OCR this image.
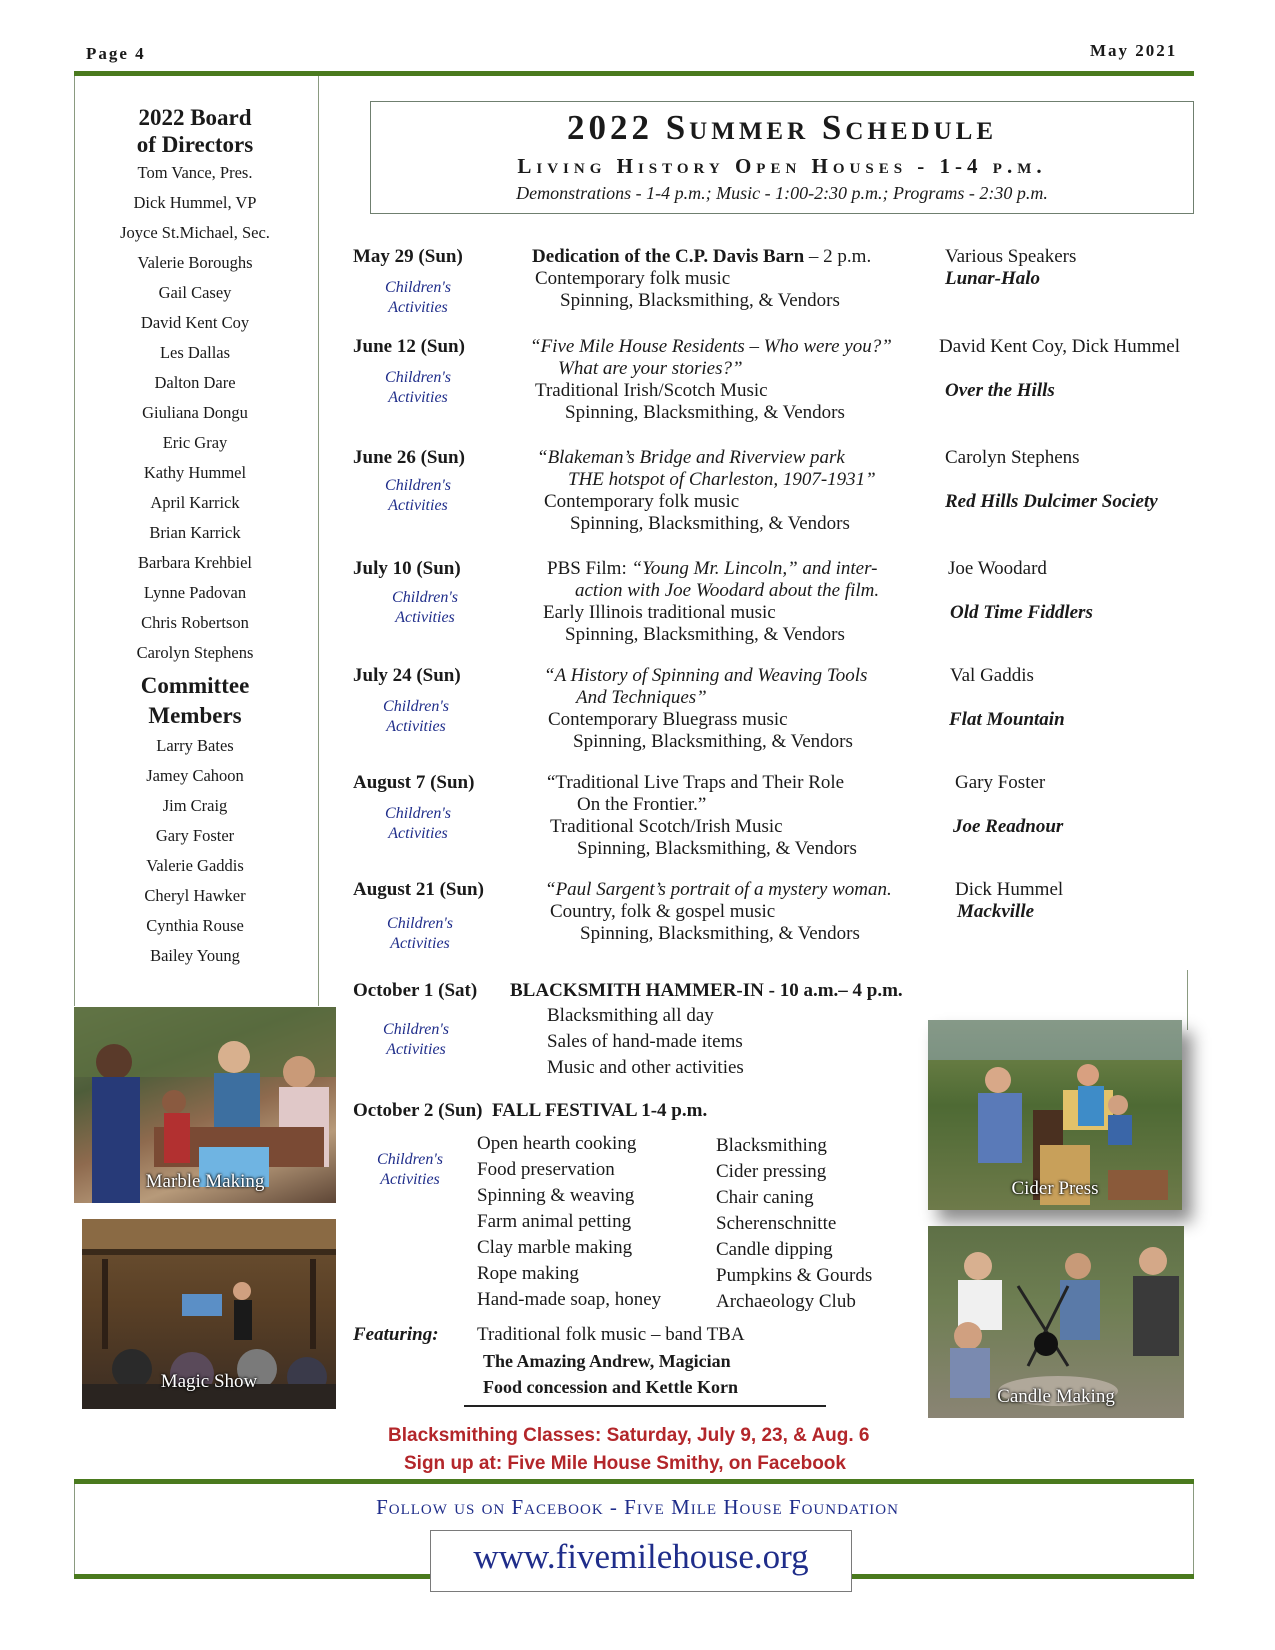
Page 4	May 2021
2022 Board
of Directors
Tom Vance, Pres.
Dick Hummel, VP
Joyce St.Michael, Sec.
Valerie Boroughs
Gail Casey
David Kent Coy
Les Dallas
Dalton Dare
Giuliana Dongu
Eric Gray
Kathy Hummel
April Karrick
Brian Karrick
Barbara Krehbiel
Lynne Padovan
Chris Robertson
Carolyn Stephens
Committee
Members
Larry Bates
Jamey Cahoon
Jim Craig
Gary Foster
Valerie Gaddis
Cheryl Hawker
Cynthia Rouse
Bailey Young
2022 Summer Schedule
Living History Open Houses - 1-4 p.m.
Demonstrations - 1-4 p.m.; Music - 1:00-2:30 p.m.; Programs - 2:30 p.m.
May 29 (Sun)
Children's Activities
Dedication of the C.P. Davis Barn – 2 p.m.
Contemporary folk music
Spinning, Blacksmithing, & Vendors
Various Speakers
Lunar-Halo
June 12 (Sun)
Children's Activities
“Five Mile House Residents – Who were you?”
What are your stories?”
Traditional Irish/Scotch Music
Spinning, Blacksmithing, & Vendors
David Kent Coy, Dick Hummel
Over the Hills
June 26 (Sun)
Children's Activities
“Blakeman’s Bridge and Riverview park
THE hotspot of Charleston, 1907-1931”
Contemporary folk music
Spinning, Blacksmithing, & Vendors
Carolyn Stephens
Red Hills Dulcimer Society
July 10 (Sun)
Children's Activities
PBS Film: “Young Mr. Lincoln,” and inter-
action with Joe Woodard about the film.
Early Illinois traditional music
Spinning, Blacksmithing, & Vendors
Joe Woodard
Old Time Fiddlers
July 24 (Sun)
Children's Activities
“A History of Spinning and Weaving Tools
And Techniques”
Contemporary Bluegrass music
Spinning, Blacksmithing, & Vendors
Val Gaddis
Flat Mountain
August 7 (Sun)
Children's Activities
“Traditional Live Traps and Their Role
On the Frontier.”
Traditional Scotch/Irish Music
Spinning, Blacksmithing, & Vendors
Gary Foster
Joe Readnour
August 21 (Sun)
Children's Activities
“Paul Sargent’s portrait of a mystery woman.
Country, folk & gospel music
Spinning, Blacksmithing, & Vendors
Dick Hummel
Mackville
October 1 (Sat) BLACKSMITH HAMMER-IN - 10 a.m.– 4 p.m.
Children's Activities
Blacksmithing all day
Sales of hand-made items
Music and other activities
October 2 (Sun) FALL FESTIVAL 1-4 p.m.
Children's Activities
Open hearth cooking
Food preservation
Spinning & weaving
Farm animal petting
Clay marble making
Rope making
Hand-made soap, honey
Blacksmithing
Cider pressing
Chair caning
Scherenschnitte
Candle dipping
Pumpkins & Gourds
Archaeology Club
Featuring: Traditional folk music – band TBA
The Amazing Andrew, Magician
Food concession and Kettle Korn
Marble Making
Magic Show
Cider Press
Candle Making
Blacksmithing Classes: Saturday, July 9, 23, & Aug. 6
Sign up at: Five Mile House Smithy, on Facebook
Follow us on Facebook - Five Mile House Foundation
www.fivemilehouse.org
